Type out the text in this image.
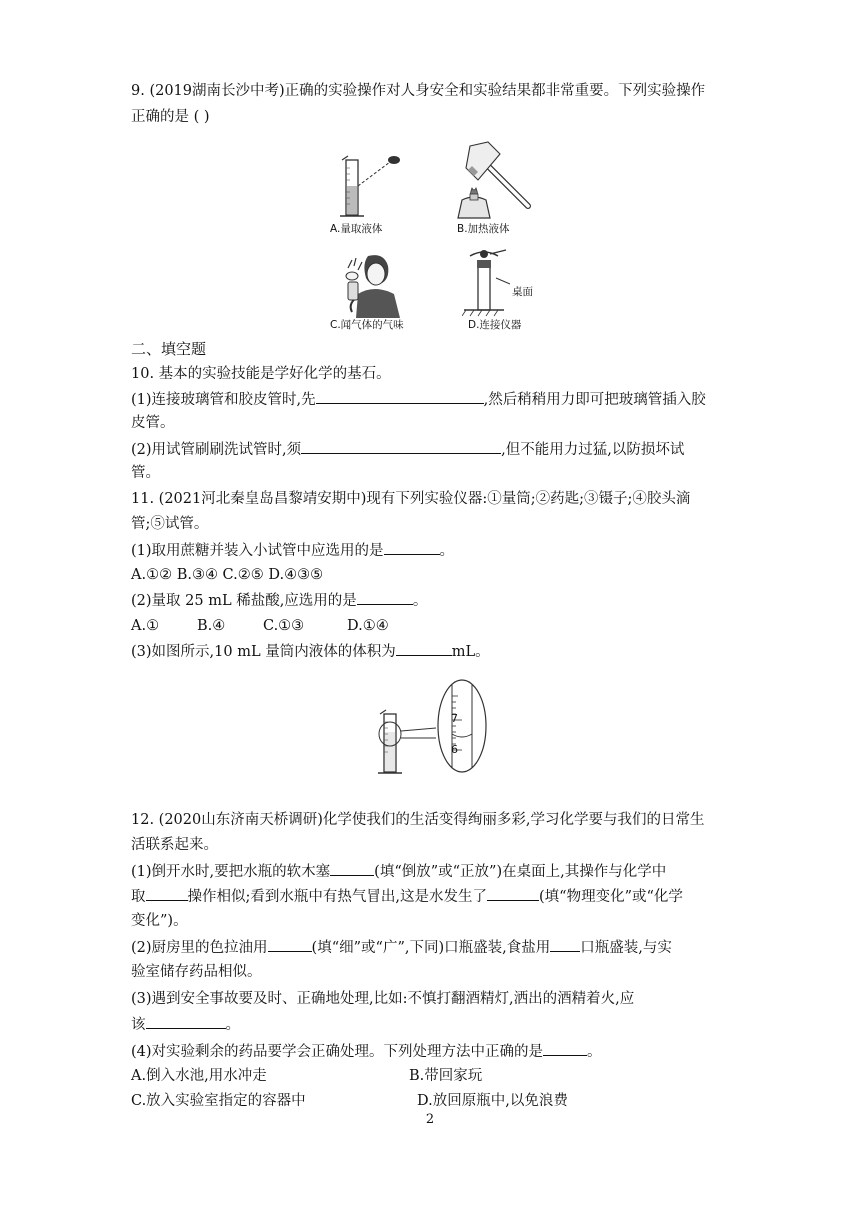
9. (2019湖南长沙中考)正确的实验操作对人身安全和实验结果都非常重要。下列实验操作
正确的是 ( )
A.量取液体	B.加热液体
C.闻气体的气味
桌面
D.连接仪器
二、填空题
10. 基本的实验技能是学好化学的基石。
(1)连接玻璃管和胶皮管时,先	,然后稍稍用力即可把玻璃管插入胶
皮管。
(2)用试管刷刷洗试管时,须	,但不能用力过猛,以防损坏试
管。
11. (2021河北秦皇岛昌黎靖安期中)现有下列实验仪器:①量筒;②药匙;③镊子;④胶头滴
管;⑤试管。
(1)取用蔗糖并装入小试管中应选用的是	。
A.①② B.③④ C.②⑤ D.④③⑤
(2)量取 25 mL 稀盐酸,应选用的是	。
A.①	B.④	C.①③	D.①④
(3)如图所示,10 mL 量筒内液体的体积为	mL。
7
6
12. (2020山东济南天桥调研)化学使我们的生活变得绚丽多彩,学习化学要与我们的日常生
活联系起来。
(1)倒开水时,要把水瓶的软木塞	(填“倒放”或“正放”)在桌面上,其操作与化学中
取	操作相似;看到水瓶中有热气冒出,这是水发生了	(填“物理变化”或“化学
变化”)。
(2)厨房里的色拉油用	(填“细”或“广”,下同)口瓶盛装,食盐用 口瓶盛装,与实
验室储存药品相似。
(3)遇到安全事故要及时、正确地处理,比如:不慎打翻酒精灯,洒出的酒精着火,应
该	。
(4)对实验剩余的药品要学会正确处理。下列处理方法中正确的是	。
A.倒入水池,用水冲走	B.带回家玩
C.放入实验室指定的容器中	D.放回原瓶中,以免浪费
2
